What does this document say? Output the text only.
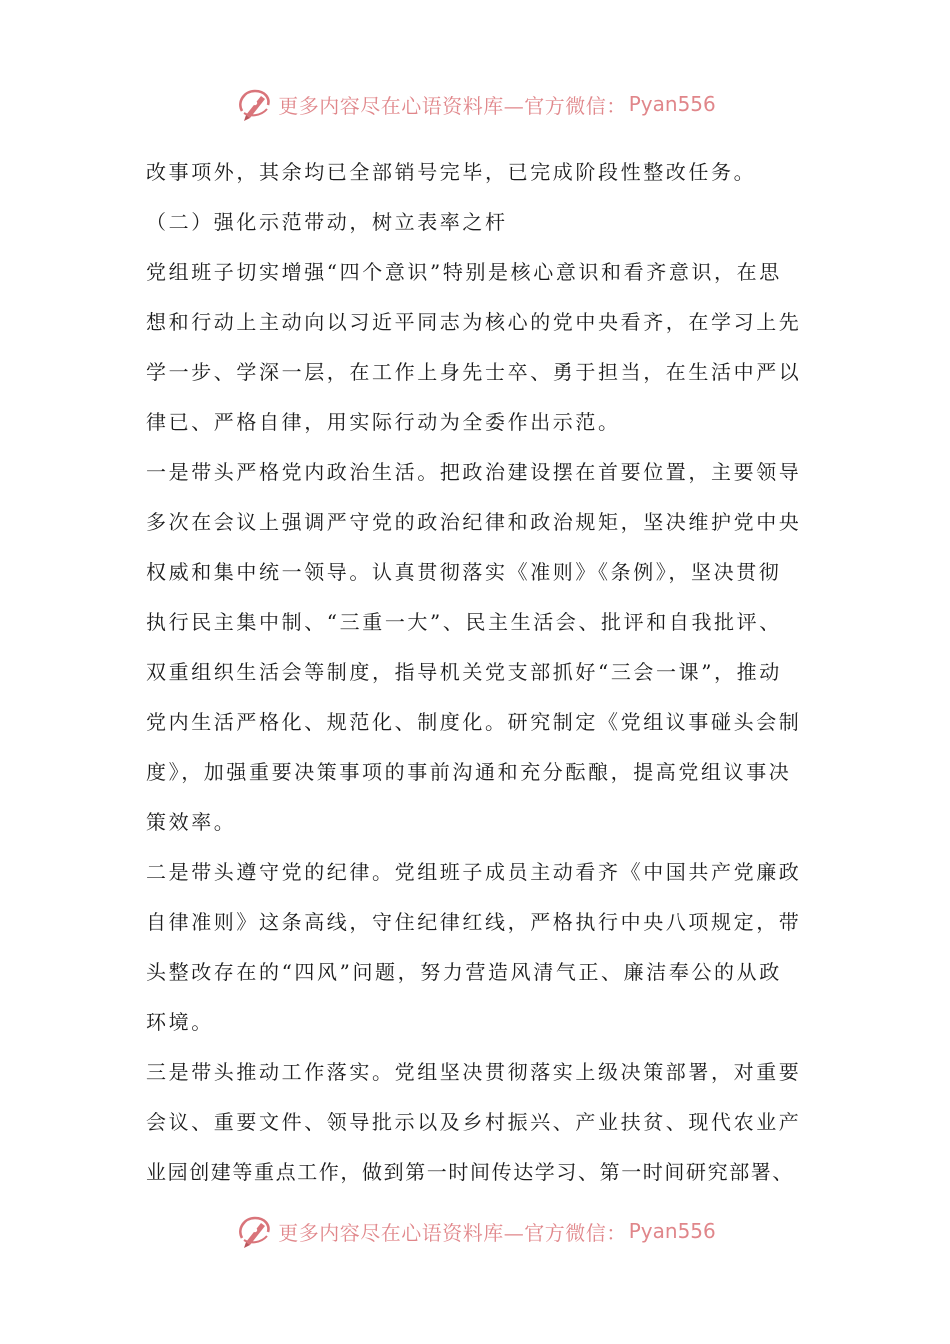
更多内容尽在心语资料库—官方微信： Pyan556
改事项外，其余均已全部销号完毕，已完成阶段性整改任务。
（二）强化示范带动，树立表率之杆
党组班子切实增强“四个意识”特别是核心意识和看齐意识，在思
想和行动上主动向以习近平同志为核心的党中央看齐，在学习上先
学一步、学深一层，在工作上身先士卒、勇于担当，在生活中严以
律已、严格自律，用实际行动为全委作出示范。
一是带头严格党内政治生活。把政治建设摆在首要位置，主要领导
多次在会议上强调严守党的政治纪律和政治规矩，坚决维护党中央
权威和集中统一领导。认真贯彻落实《准则》《条例》，坚决贯彻
执行民主集中制、“三重一大”、民主生活会、批评和自我批评、
双重组织生活会等制度，指导机关党支部抓好“三会一课”，推动
党内生活严格化、规范化、制度化。研究制定《党组议事碰头会制
度》，加强重要决策事项的事前沟通和充分酝酿，提高党组议事决
策效率。
二是带头遵守党的纪律。党组班子成员主动看齐《中国共产党廉政
自律准则》这条高线，守住纪律红线，严格执行中央八项规定，带
头整改存在的“四风”问题，努力营造风清气正、廉洁奉公的从政
环境。
三是带头推动工作落实。党组坚决贯彻落实上级决策部署，对重要
会议、重要文件、领导批示以及乡村振兴、产业扶贫、现代农业产
业园创建等重点工作，做到第一时间传达学习、第一时间研究部署、
更多内容尽在心语资料库—官方微信： Pyan556
